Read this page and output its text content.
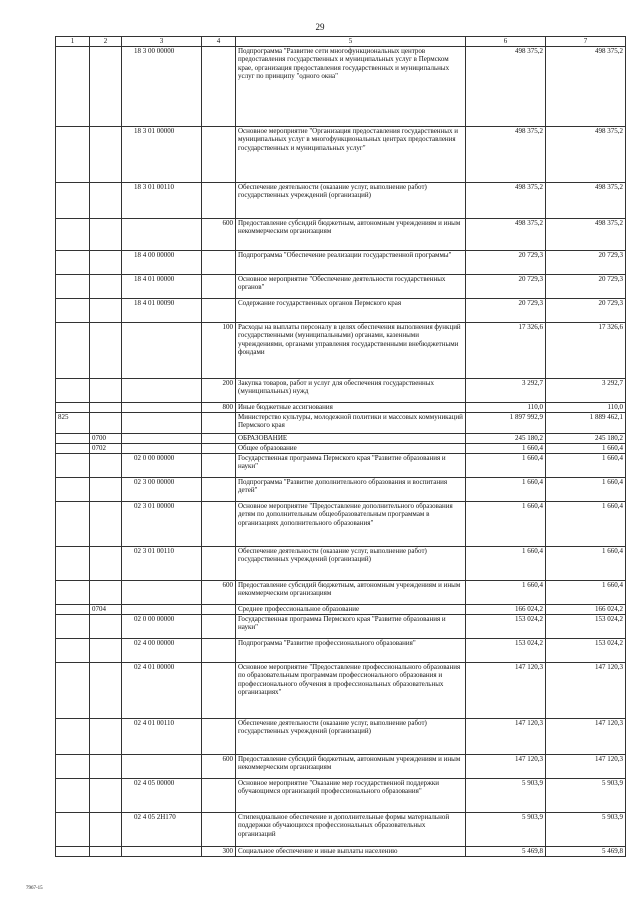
29
1	2	3	4	5	6	7
		18 3 00 00000		Подпрограмма "Развитие сети многофункциональных центров предоставления государственных и муниципальных услуг в Пермском крае, организация предоставления государственных и муниципальных услуг по принципу "одного окна"	498 375,2	498 375,2
		18 3 01 00000		Основное мероприятие "Организация предоставления государственных и муниципальных услуг в многофункциональных центрах предоставления государственных и муниципальных услуг"	498 375,2	498 375,2
		18 3 01 00110		Обеспечение деятельности (оказание услуг, выполнение работ) государственных учреждений (организаций)	498 375,2	498 375,2
			600	Предоставление субсидий бюджетным, автономным учреждениям и иным некоммерческим организациям	498 375,2	498 375,2
		18 4 00 00000		Подпрограмма "Обеспечение реализации государственной программы"	20 729,3	20 729,3
		18 4 01 00000		Основное мероприятие "Обеспечение деятельности государственных органов"	20 729,3	20 729,3
		18 4 01 00090		Содержание государственных органов Пермского края	20 729,3	20 729,3
			100	Расходы на выплаты персоналу в целях обеспечения выполнения функций государственными (муниципальными) органами, казенными учреждениями, органами управления государственными внебюджетными фондами	17 326,6	17 326,6
			200	Закупка товаров, работ и услуг для обеспечения государственных (муниципальных) нужд	3 292,7	3 292,7
			800	Иные бюджетные ассигнования	110,0	110,0
825				Министерство культуры, молодежной политики и массовых коммуникаций Пермского края	1 897 992,9	1 889 462,1
	0700			ОБРАЗОВАНИЕ	245 180,2	245 180,2
	0702			Общее образование	1 660,4	1 660,4
		02 0 00 00000		Государственная программа Пермского края "Развитие образования и науки"	1 660,4	1 660,4
		02 3 00 00000		Подпрограмма "Развитие дополнительного образования и воспитания детей"	1 660,4	1 660,4
		02 3 01 00000		Основное мероприятие "Предоставление дополнительного образования детям по дополнительным общеобразовательным программам в организациях дополнительного образования"	1 660,4	1 660,4
		02 3 01 00110		Обеспечение деятельности (оказание услуг, выполнение работ) государственных учреждений (организаций)	1 660,4	1 660,4
			600	Предоставление субсидий бюджетным, автономным учреждениям и иным некоммерческим организациям	1 660,4	1 660,4
	0704			Среднее профессиональное образование	166 024,2	166 024,2
		02 0 00 00000		Государственная программа Пермского края "Развитие образования и науки"	153 024,2	153 024,2
		02 4 00 00000		Подпрограмма "Развитие профессионального образования"	153 024,2	153 024,2
		02 4 01 00000		Основное мероприятие "Предоставление профессионального образования по образовательным программам профессионального образования и профессионального обучения в профессиональных образовательных организациях"	147 120,3	147 120,3
		02 4 01 00110		Обеспечение деятельности (оказание услуг, выполнение работ) государственных учреждений (организаций)	147 120,3	147 120,3
			600	Предоставление субсидий бюджетным, автономным учреждениям и иным некоммерческим организациям	147 120,3	147 120,3
		02 4 05 00000		Основное мероприятие "Оказание мер государственной поддержки обучающимся организаций профессионального образования"	5 903,9	5 903,9
		02 4 05 2Н170		Стипендиальное обеспечение и дополнительные формы материальной поддержки обучающихся профессиональных образовательных организаций	5 903,9	5 903,9
			300	Социальное обеспечение и иные выплаты населению	5 469,8	5 469,8
7967-15
